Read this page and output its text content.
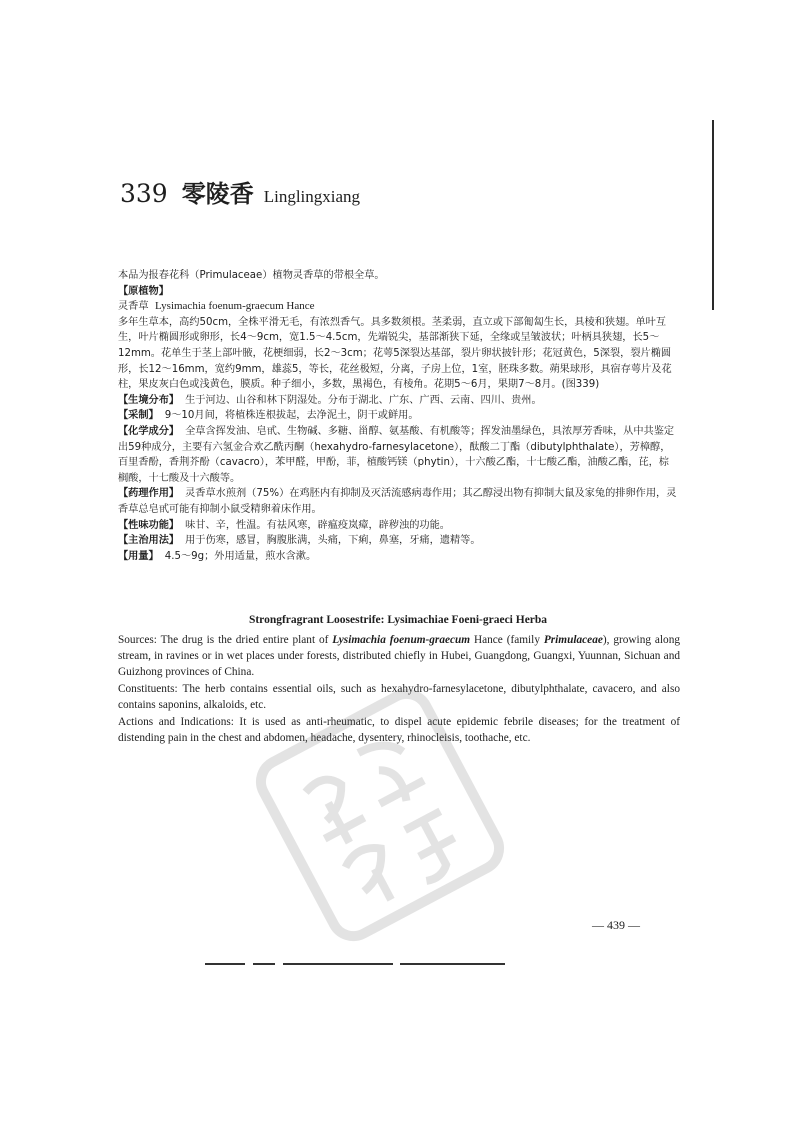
339 零陵香 Linglingxiang

本品为报春花科（Primulaceae）植物灵香草的带根全草。

【原植物】

灵香草 Lysimachia foenum-graecum Hance

多年生草本，高约50cm，全株平滑无毛，有浓烈香气。具多数须根。茎柔弱，直立或下部匍匐生长，具棱和狭翅。单叶互生，叶片椭圆形或卵形，长4～9cm，宽1.5～4.5cm，先端锐尖，基部渐狭下延，全缘或呈皱波状；叶柄具狭翅，长5～12mm。花单生于茎上部叶腋，花梗细弱，长2～3cm；花萼5深裂达基部，裂片卵状披针形；花冠黄色，5深裂，裂片椭圆形，长12～16mm，宽约9mm，雄蕊5，等长，花丝极短，分离，子房上位，1室，胚珠多数。蒴果球形，具宿存萼片及花柱，果皮灰白色或浅黄色，膜质。种子细小，多数，黑褐色，有棱角。花期5～6月，果期7～8月。(图339)

【生境分布】 生于河边、山谷和林下阴湿处。分布于湖北、广东、广西、云南、四川、贵州。

【采制】 9～10月间，将植株连根拔起，去净泥土，阴干或鲜用。

【化学成分】 全草含挥发油、皂甙、生物碱、多糖、甾醇、氨基酸、有机酸等；挥发油墨绿色，具浓厚芳香味，从中共鉴定出59种成分，主要有六氢金合欢乙酰丙酮（hexahydro-farnesylacetone），酞酸二丁酯（dibutylphthalate），芳樟醇，百里香酚，香荆芥酚（cavacro），苯甲醛，甲酚，菲，植酸钙镁（phytin），十六酸乙酯，十七酸乙酯，油酸乙酯，芘，棕榈酸，十七酸及十六酸等。

【药理作用】 灵香草水煎剂（75%）在鸡胚内有抑制及灭活流感病毒作用；其乙醇浸出物有抑制大鼠及家兔的排卵作用，灵香草总皂甙可能有抑制小鼠受精卵着床作用。

【性味功能】 味甘、辛，性温。有祛风寒，辟瘟疫岚瘴，辟秽浊的功能。

【主治用法】 用于伤寒，感冒，胸腹胀满，头痛，下痢，鼻塞，牙痛，遗精等。

【用量】 4.5～9g；外用适量，煎水含漱。

Strongfragrant Loosestrife: Lysimachiae Foeni-graeci Herba

Sources: The drug is the dried entire plant of Lysimachia foenum-graecum Hance (family Primulaceae), growing along stream, in ravines or in wet places under forests, distributed chiefly in Hubei, Guangdong, Guangxi, Yuunnan, Sichuan and Guizhong provinces of China.

Constituents: The herb contains essential oils, such as hexahydro-farnesylacetone, dibutylphthalate, cavacero, and also contains saponins, alkaloids, etc.

Actions and Indications: It is used as anti-rheumatic, to dispel acute epidemic febrile diseases; for the treatment of distending pain in the chest and abdomen, headache, dysentery, rhinocleisis, toothache, etc.

— 439 —
